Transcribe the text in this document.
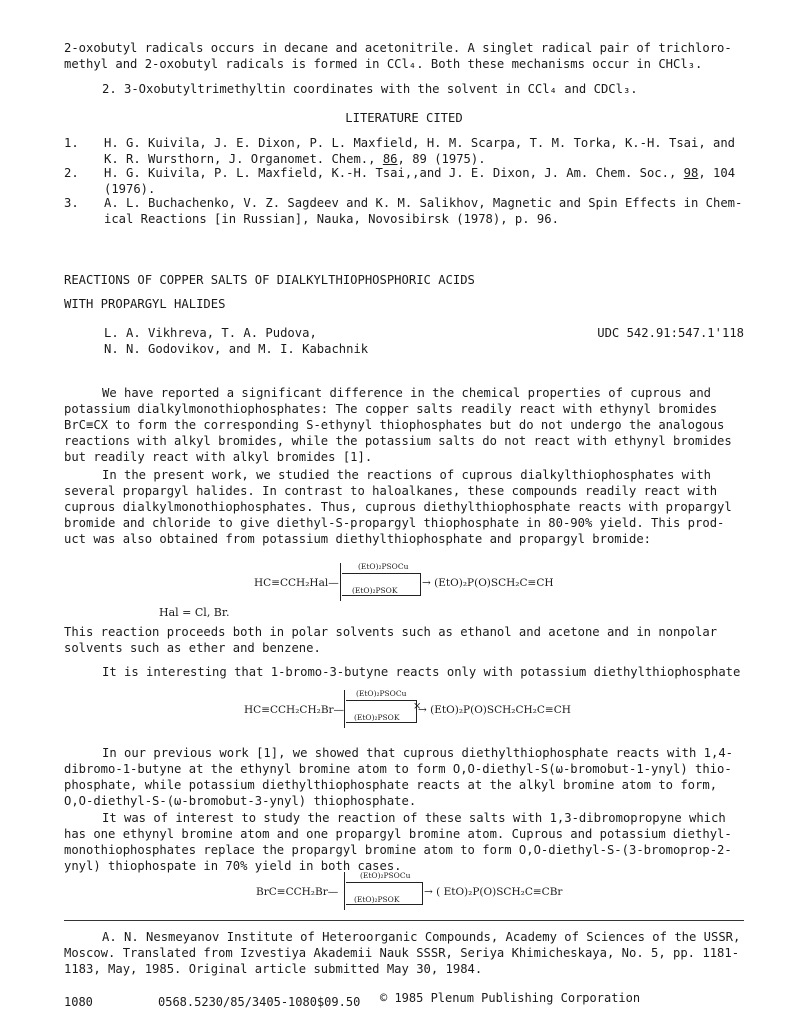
2-oxobutyl radicals occurs in decane and acetonitrile. A singlet radical pair of trichloro-methyl and 2-oxobutyl radicals is formed in CCl₄. Both these mechanisms occur in CHCl₃.
2. 3-Oxobutyltrimethyltin coordinates with the solvent in CCl₄ and CDCl₃.
LITERATURE CITED
1. H. G. Kuivila, J. E. Dixon, P. L. Maxfield, H. M. Scarpa, T. M. Torka, K.-H. Tsai, and K. R. Wursthorn, J. Organomet. Chem., 86, 89 (1975).
2. H. G. Kuivila, P. L. Maxfield, K.-H. Tsai,,and J. E. Dixon, J. Am. Chem. Soc., 98, 104 (1976).
3. A. L. Buchachenko, V. Z. Sagdeev and K. M. Salikhov, Magnetic and Spin Effects in Chem-ical Reactions [in Russian], Nauka, Novosibirsk (1978), p. 96.
REACTIONS OF COPPER SALTS OF DIALKYLTHIOPHOSPHORIC ACIDS
WITH PROPARGYL HALIDES
L. A. Vikhreva, T. A. Pudova,
N. N. Godovikov, and M. I. Kabachnik
UDC 542.91:547.1'118
We have reported a significant difference in the chemical properties of cuprous and potassium dialkylmonothiophosphates: The copper salts readily react with ethynyl bromides BrC≡CX to form the corresponding S-ethynyl thiophosphates but do not undergo the analogous reactions with alkyl bromides, while the potassium salts do not react with ethynyl bromides but readily react with alkyl bromides [1].
In the present work, we studied the reactions of cuprous dialkylthiophosphates with several propargyl halides. In contrast to haloalkanes, these compounds readily react with cuprous dialkylmonothiophosphates. Thus, cuprous diethylthiophosphate reacts with propargyl bromide and chloride to give diethyl-S-propargyl thiophosphate in 80-90% yield. This prod-uct was also obtained from potassium diethylthiophosphate and propargyl bromide:
HC≡CCH₂Hal—
(EtO)₂PSOCu
(EtO)₂PSOK
→ (EtO)₂P(O)SCH₂C≡CH
Hal = Cl, Br.
This reaction proceeds both in polar solvents such as ethanol and acetone and in nonpolar solvents such as ether and benzene.
It is interesting that 1-bromo-3-butyne reacts only with potassium diethylthiophosphate
HC≡CCH₂CH₂Br—
(EtO)₂PSOCu
(EtO)₂PSOK
×
→ (EtO)₂P(O)SCH₂CH₂C≡CH
In our previous work [1], we showed that cuprous diethylthiophosphate reacts with 1,4-dibromo-1-butyne at the ethynyl bromine atom to form O,O-diethyl-S(ω-bromobut-1-ynyl) thio-phosphate, while potassium diethylthiophosphate reacts at the alkyl bromine atom to form, O,O-diethyl-S-(ω-bromobut-3-ynyl) thiophosphate.
It was of interest to study the reaction of these salts with 1,3-dibromopropyne which has one ethynyl bromine atom and one propargyl bromine atom. Cuprous and potassium diethyl-monothiophosphates replace the propargyl bromine atom to form O,O-diethyl-S-(3-bromoprop-2-ynyl) thiophospate in 70% yield in both cases.
BrC≡CCH₂Br—
(EtO)₂PSOCu
(EtO)₂PSOK
→ ( EtO)₂P(O)SCH₂C≡CBr
A. N. Nesmeyanov Institute of Heteroorganic Compounds, Academy of Sciences of the USSR, Moscow. Translated from Izvestiya Akademii Nauk SSSR, Seriya Khimicheskaya, No. 5, pp. 1181-1183, May, 1985. Original article submitted May 30, 1984.
1080	0568.5230/85/3405-1080$09.50 © 1985 Plenum Publishing Corporation
